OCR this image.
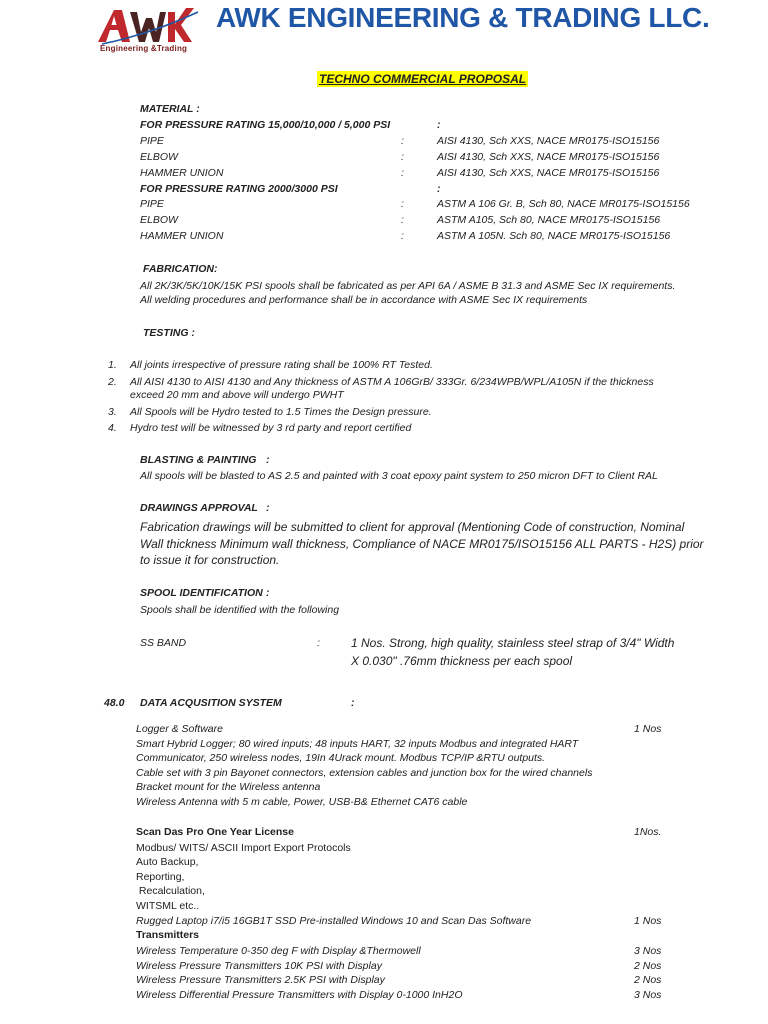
Engineering &Trading
AWK ENGINEERING & TRADING LLC.
TECHNO COMMERCIAL PROPOSAL
MATERIAL :
FOR PRESSURE RATING 15,000/10,000 / 5,000 PSI	:
PIPE	:	AISI 4130, Sch XXS, NACE MR0175-ISO15156
ELBOW	:	AISI 4130, Sch XXS, NACE MR0175-ISO15156
HAMMER UNION	:	AISI 4130, Sch XXS, NACE MR0175-ISO15156
FOR PRESSURE RATING 2000/3000 PSI	:
PIPE	:	ASTM A 106 Gr. B, Sch 80, NACE MR0175-ISO15156
ELBOW	:	ASTM A105, Sch 80, NACE MR0175-ISO15156
HAMMER UNION	:	ASTM A 105N. Sch 80, NACE MR0175-ISO15156
FABRICATION:
All 2K/3K/5K/10K/15K PSI spools shall be fabricated as per API 6A / ASME B 31.3 and ASME Sec IX requirements.
All welding procedures and performance shall be in accordance with ASME Sec IX requirements
TESTING :
1. All joints irrespective of pressure rating shall be 100% RT Tested.
2. All AISI 4130 to AISI 4130 and Any thickness of ASTM A 106GrB/ 333Gr. 6/234WPB/WPL/A105N if the thickness exceed 20 mm and above will undergo PWHT
3. All Spools will be Hydro tested to 1.5 Times the Design pressure.
4. Hydro test will be witnessed by 3 rd party and report certified
BLASTING & PAINTING :
All spools will be blasted to AS 2.5 and painted with 3 coat epoxy paint system to 250 micron DFT to Client RAL
DRAWINGS APPROVAL :
Fabrication drawings will be submitted to client for approval (Mentioning Code of construction, Nominal
Wall thickness Minimum wall thickness, Compliance of NACE MR0175/ISO15156 ALL PARTS - H2S) prior
to issue it for construction.
SPOOL IDENTIFICATION :
Spools shall be identified with the following
SS BAND	:	1 Nos. Strong, high quality, stainless steel strap of 3/4" Width
X 0.030" .76mm thickness per each spool
48.0 DATA ACQUSITION SYSTEM	:
Logger & Software	1 Nos
Smart Hybrid Logger; 80 wired inputs; 48 inputs HART, 32 inputs Modbus and integrated HART
Communicator, 250 wireless nodes, 19In 4Urack mount. Modbus TCP/IP &RTU outputs.
Cable set with 3 pin Bayonet connectors, extension cables and junction box for the wired channels
Bracket mount for the Wireless antenna
Wireless Antenna with 5 m cable, Power, USB-B& Ethernet CAT6 cable
Scan Das Pro One Year License	1Nos.
Modbus/ WITS/ ASCII Import Export Protocols
Auto Backup,
Reporting,
Recalculation,
WITSML etc..
Rugged Laptop i7/i5 16GB1T SSD Pre-installed Windows 10 and Scan Das Software	1 Nos
Transmitters
Wireless Temperature 0-350 deg F with Display &Thermowell	3 Nos
Wireless Pressure Transmitters 10K PSI with Display	2 Nos
Wireless Pressure Transmitters 2.5K PSI with Display	2 Nos
Wireless Differential Pressure Transmitters with Display 0-1000 InH2O	3 Nos
